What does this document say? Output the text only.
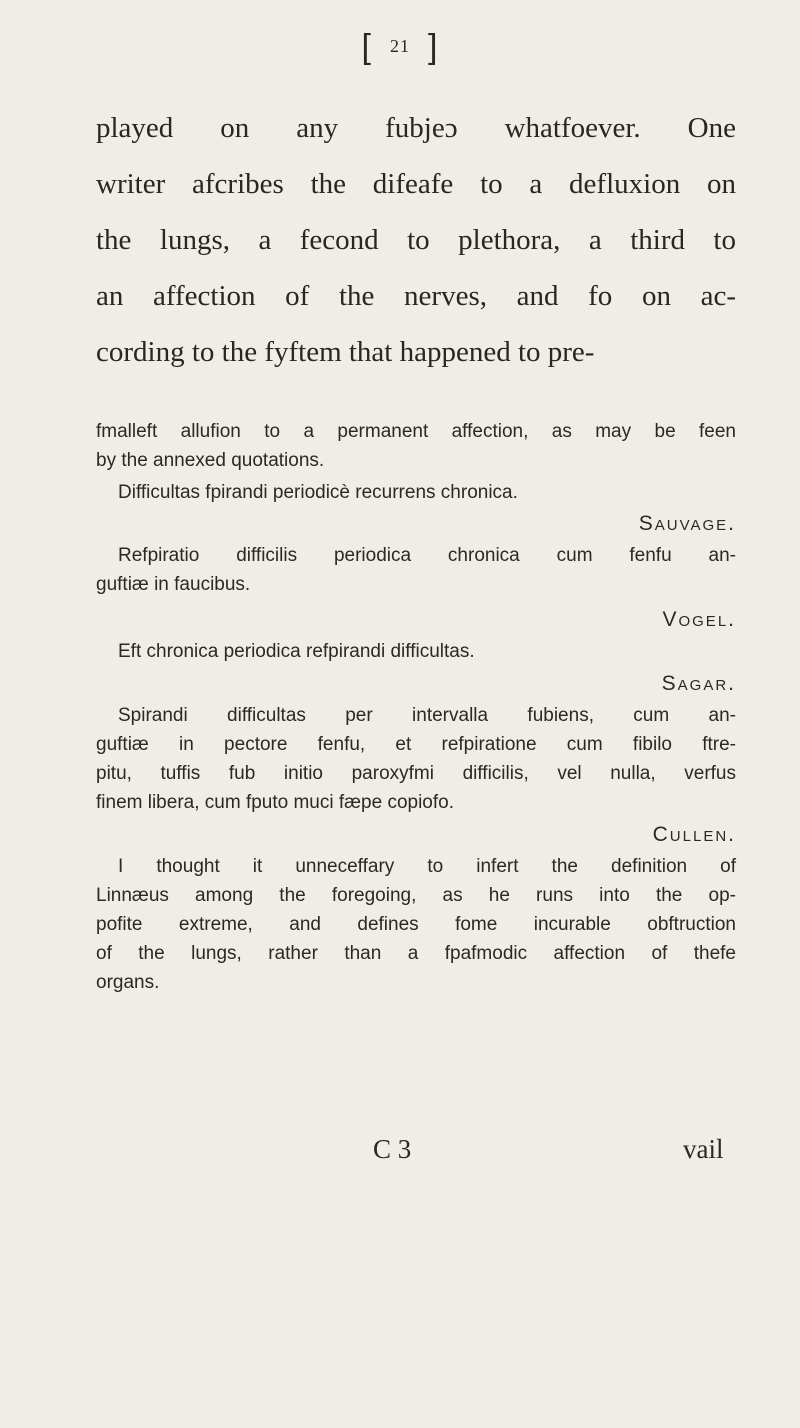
[ $^{21}$ ]
played on any fubjeɔ whatfoever. One
writer afcribes the difeafe to a defluxion on
the lungs, a fecond to plethora, a third to
an affection of the nerves, and fo on ac-
cording to the fyftem that happened to pre-
fmalleft allufion to a permanent affection, as may be feen
by the annexed quotations.
Difficultas fpirandi periodicè recurrens chronica.
Sauvage.
Refpiratio difficilis periodica chronica cum fenfu an-
guftiæ in faucibus.
Vogel.
Eft chronica periodica refpirandi difficultas.
Sagar.
Spirandi difficultas per intervalla fubiens, cum an-
guftiæ in pectore fenfu, et refpiratione cum fibilo ftre-
pitu, tuffis fub initio paroxyfmi difficilis, vel nulla, verfus
finem libera, cum fputo muci fæpe copiofo.
Cullen.
I thought it unneceffary to infert the definition of
Linnæus among the foregoing, as he runs into the op-
pofite extreme, and defines fome incurable obftruction
of the lungs, rather than a fpafmodic affection of thefe
organs.
C 3	vail
